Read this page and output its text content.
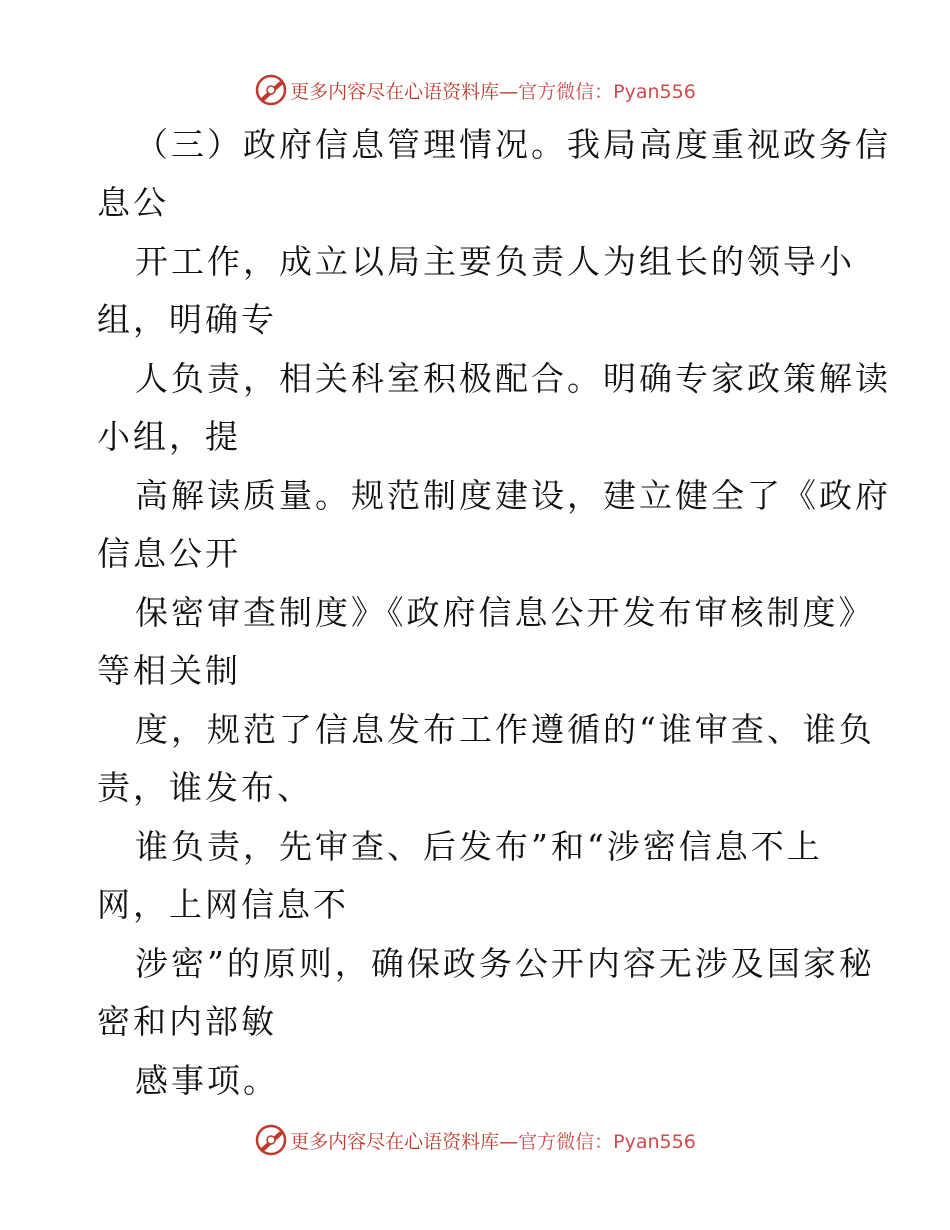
更多内容尽在心语资料库—官方微信：Pyan556
（三）政府信息管理情况。我局高度重视政务信
息公
开工作，成立以局主要负责人为组长的领导小
组，明确专
人负责，相关科室积极配合。明确专家政策解读
小组，提
高解读质量。规范制度建设，建立健全了《政府
信息公开
保密审查制度》《政府信息公开发布审核制度》
等相关制
度，规范了信息发布工作遵循的“谁审查、谁负
责，谁发布、
谁负责，先审查、后发布”和“涉密信息不上
网，上网信息不
涉密”的原则，确保政务公开内容无涉及国家秘
密和内部敏
感事项。
更多内容尽在心语资料库—官方微信：Pyan556
